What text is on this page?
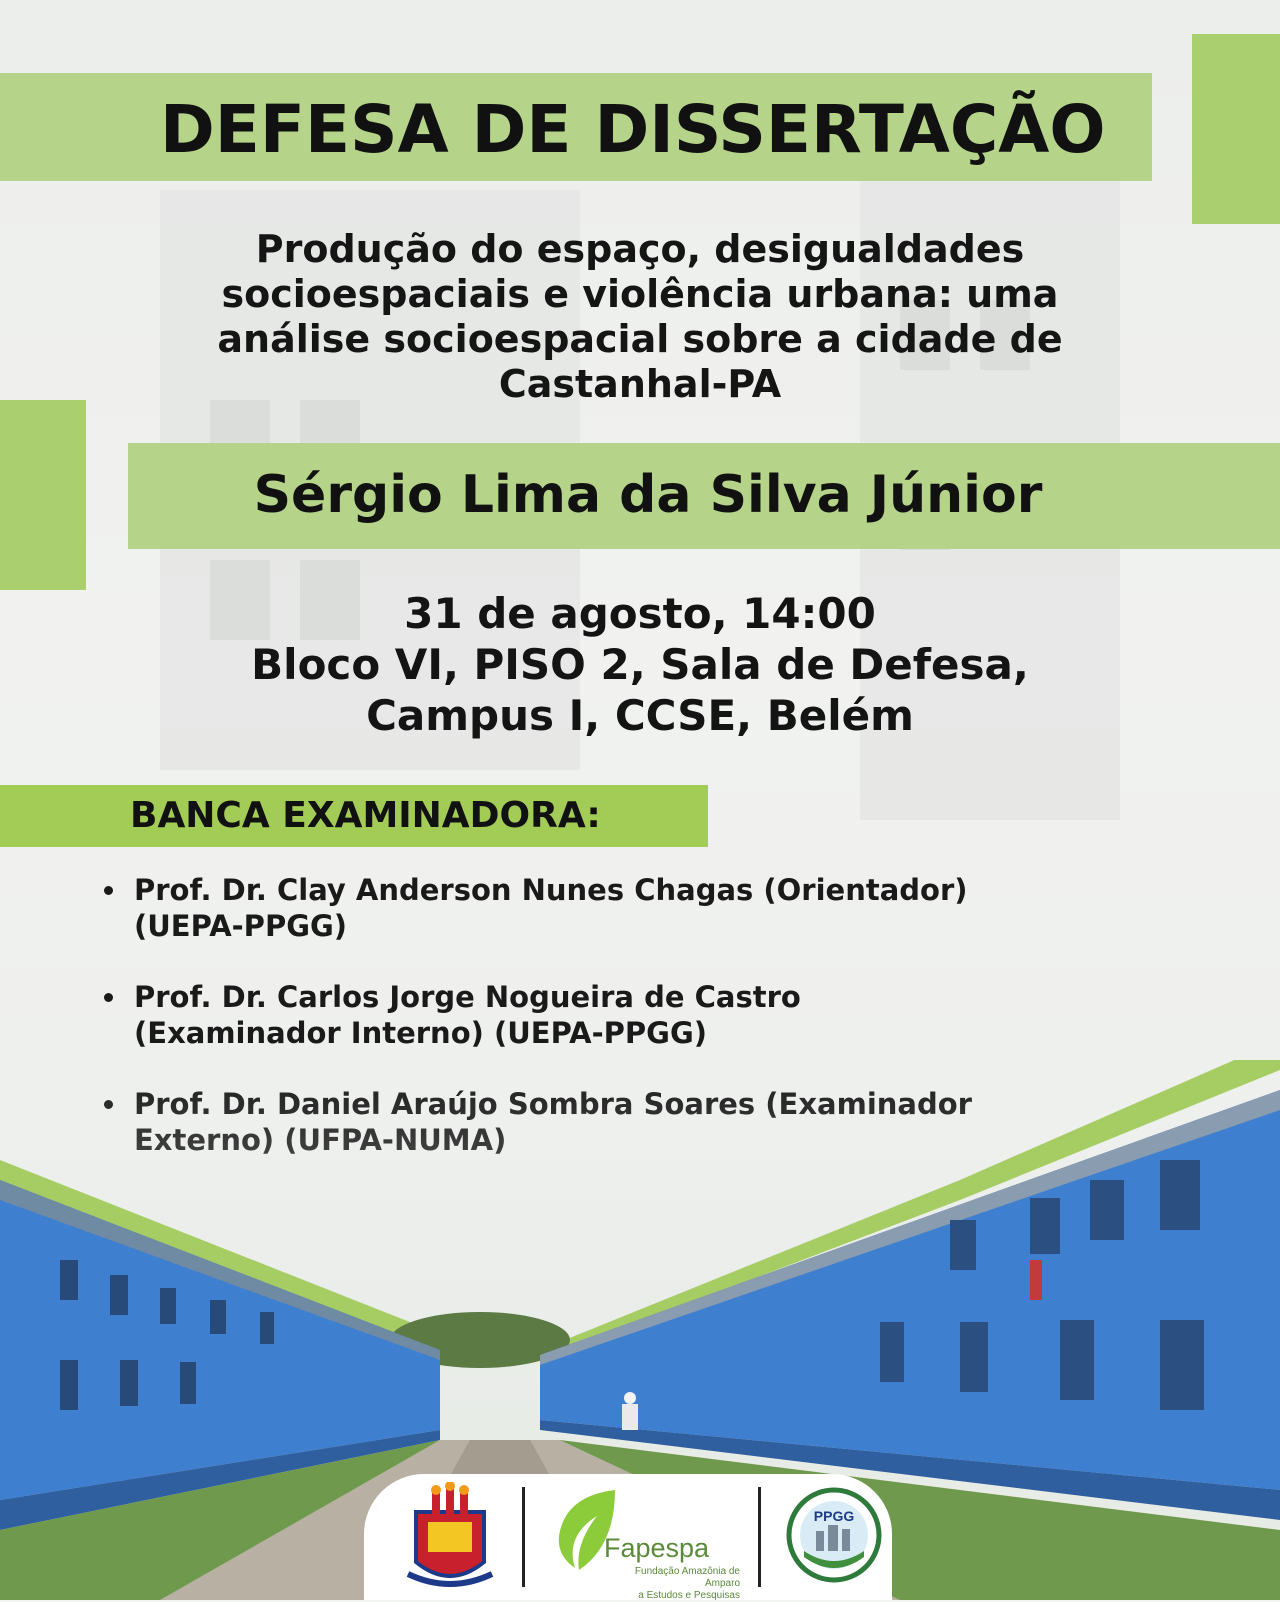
DEFESA DE DISSERTAÇÃO
Produção do espaço, desigualdades
socioespaciais e violência urbana: uma
análise socioespacial sobre a cidade de
Castanhal-PA
Sérgio Lima da Silva Júnior
31 de agosto, 14:00
Bloco VI, PISO 2, Sala de Defesa,
Campus I, CCSE, Belém
BANCA EXAMINADORA:
Prof. Dr. Clay Anderson Nunes Chagas (Orientador)
(UEPA-PPGG)
Prof. Dr. Carlos Jorge Nogueira de Castro
(Examinador Interno) (UEPA-PPGG)
Fapespa
Fundação Amazônia de Amparo
a Estudos e Pesquisas
PPGG
